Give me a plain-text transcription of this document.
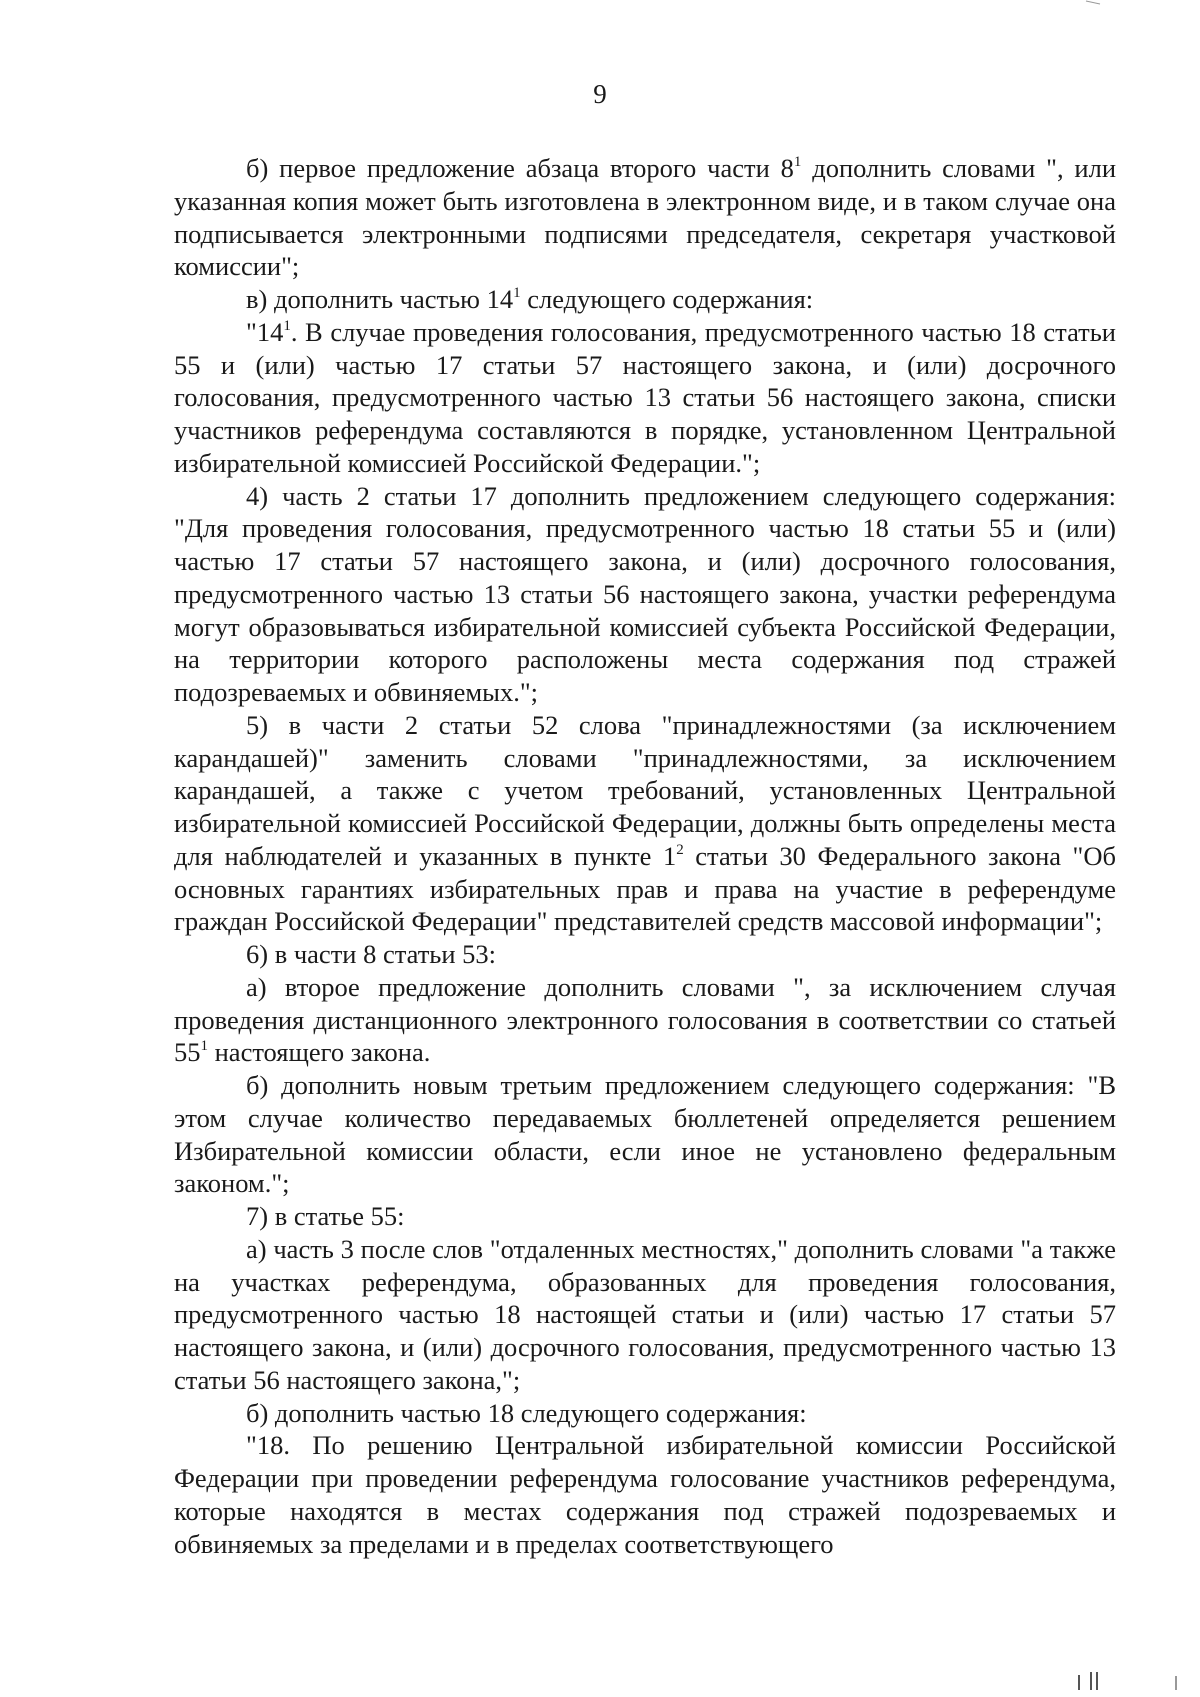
9

б) первое предложение абзаца второго части $8^1$ дополнить словами ", или указанная копия может быть изготовлена в электронном виде, и в таком случае она подписывается электронными подписями председателя, секретаря участковой комиссии";

в) дополнить частью $14^1$ следующего содержания:

"$14^1$. В случае проведения голосования, предусмотренного частью 18 статьи 55 и (или) частью 17 статьи 57 настоящего закона, и (или) досрочного голосования, предусмотренного частью 13 статьи 56 настоящего закона, списки участников референдума составляются в порядке, установленном Центральной избирательной комиссией Российской Федерации.";

4) часть 2 статьи 17 дополнить предложением следующего содержания: "Для проведения голосования, предусмотренного частью 18 статьи 55 и (или) частью 17 статьи 57 настоящего закона, и (или) досрочного голосования, предусмотренного частью 13 статьи 56 настоящего закона, участки референдума могут образовываться избирательной комиссией субъекта Российской Федерации, на территории которого расположены места содержания под стражей подозреваемых и обвиняемых.";

5) в части 2 статьи 52 слова "принадлежностями (за исключением карандашей)" заменить словами "принадлежностями, за исключением карандашей, а также с учетом требований, установленных Центральной избирательной комиссией Российской Федерации, должны быть определены места для наблюдателей и указанных в пункте $1^2$ статьи 30 Федерального закона "Об основных гарантиях избирательных прав и права на участие в референдуме граждан Российской Федерации" представителей средств массовой информации";

6) в части 8 статьи 53:

а) второе предложение дополнить словами ", за исключением случая проведения дистанционного электронного голосования в соответствии со статьей $55^1$ настоящего закона.

б) дополнить новым третьим предложением следующего содержания: "В этом случае количество передаваемых бюллетеней определяется решением Избирательной комиссии области, если иное не установлено федеральным законом.";

7) в статье 55:

а) часть 3 после слов "отдаленных местностях," дополнить словами "а также на участках референдума, образованных для проведения голосования, предусмотренного частью 18 настоящей статьи и (или) частью 17 статьи 57 настоящего закона, и (или) досрочного голосования, предусмотренного частью 13 статьи 56 настоящего закона,";

б) дополнить частью 18 следующего содержания:

"18. По решению Центральной избирательной комиссии Российской Федерации при проведении референдума голосование участников референдума, которые находятся в местах содержания под стражей подозреваемых и обвиняемых за пределами и в пределах соответствующего
